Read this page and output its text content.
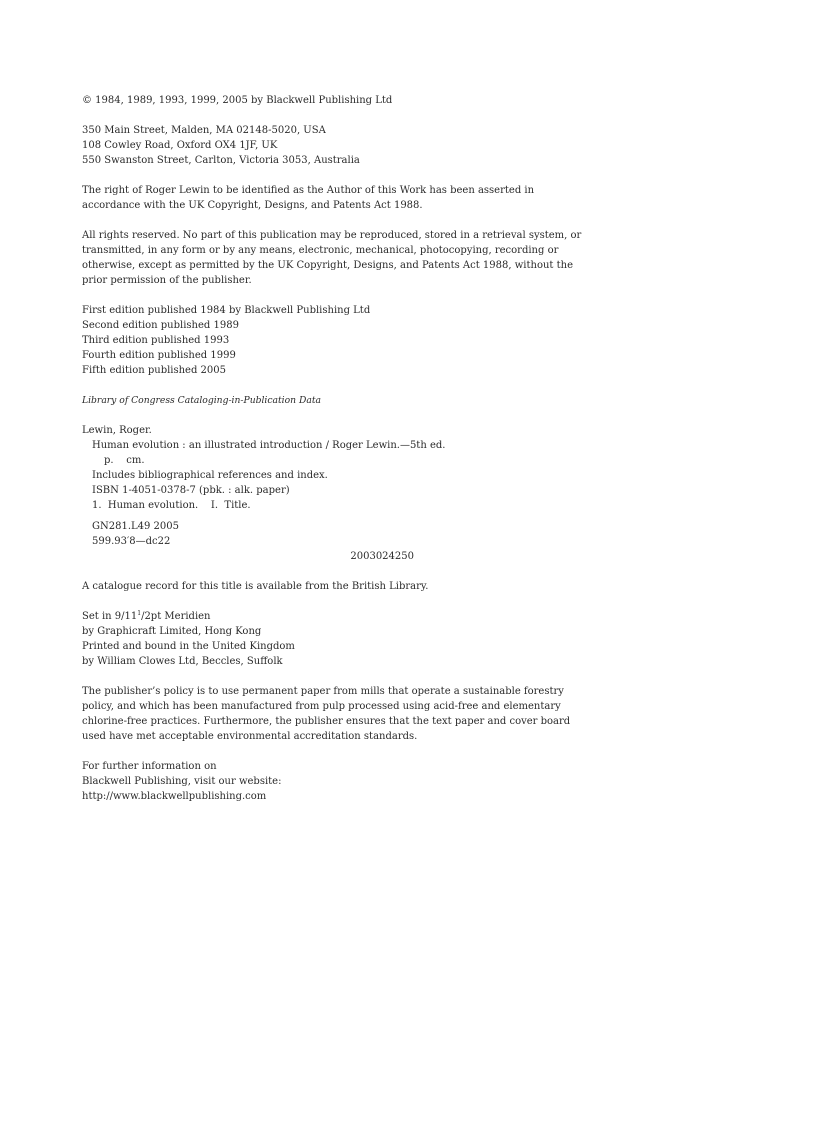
© 1984, 1989, 1993, 1999, 2005 by Blackwell Publishing Ltd
350 Main Street, Malden, MA 02148-5020, USA
108 Cowley Road, Oxford OX4 1JF, UK
550 Swanston Street, Carlton, Victoria 3053, Australia
The right of Roger Lewin to be identified as the Author of this Work has been asserted in
accordance with the UK Copyright, Designs, and Patents Act 1988.
All rights reserved. No part of this publication may be reproduced, stored in a retrieval system, or
transmitted, in any form or by any means, electronic, mechanical, photocopying, recording or
otherwise, except as permitted by the UK Copyright, Designs, and Patents Act 1988, without the
prior permission of the publisher.
First edition published 1984 by Blackwell Publishing Ltd
Second edition published 1989
Third edition published 1993
Fourth edition published 1999
Fifth edition published 2005
Library of Congress Cataloging-in-Publication Data
Lewin, Roger.
Human evolution : an illustrated introduction / Roger Lewin.—5th ed.
p.    cm.
Includes bibliographical references and index.
ISBN 1-4051-0378-7 (pbk. : alk. paper)
1.  Human evolution.    I.  Title.
GN281.L49 2005
599.93′8—dc22
2003024250
A catalogue record for this title is available from the British Library.
Set in $9/11^1/2pt$ Meridien
by Graphicraft Limited, Hong Kong
Printed and bound in the United Kingdom
by William Clowes Ltd, Beccles, Suffolk
The publisher’s policy is to use permanent paper from mills that operate a sustainable forestry
policy, and which has been manufactured from pulp processed using acid-free and elementary
chlorine-free practices. Furthermore, the publisher ensures that the text paper and cover board
used have met acceptable environmental accreditation standards.
For further information on
Blackwell Publishing, visit our website:
http://www.blackwellpublishing.com
